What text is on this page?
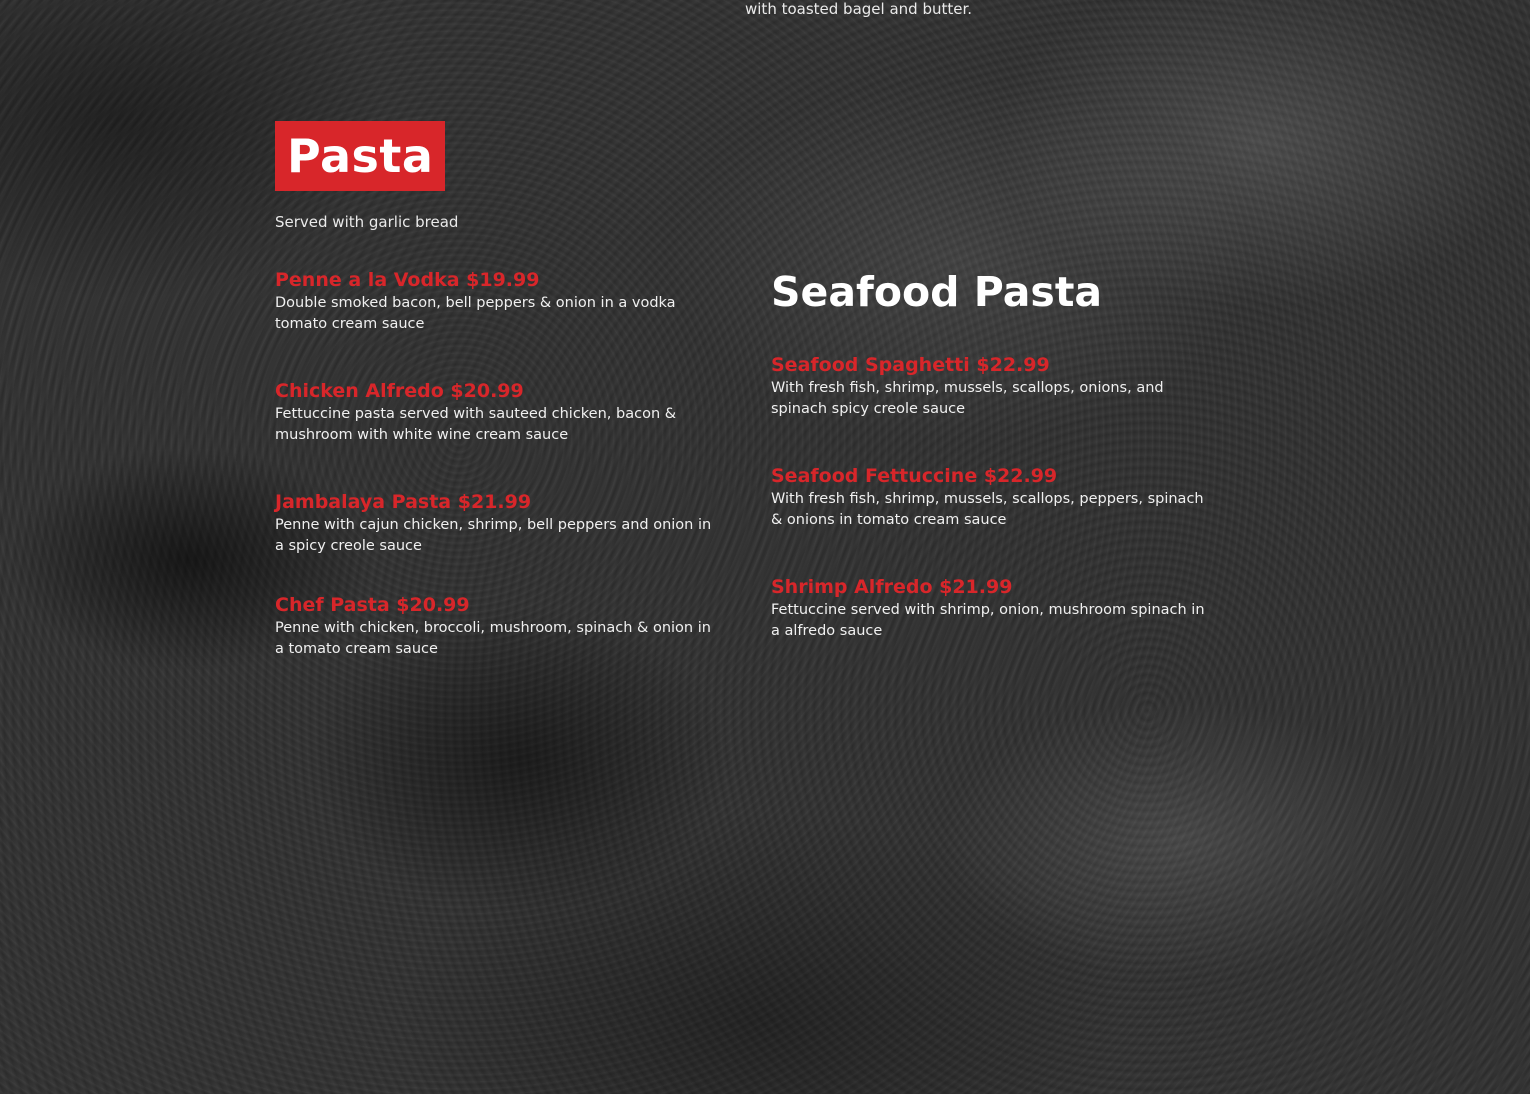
with toasted bagel and butter.

Pasta

Served with garlic bread

Penne a la Vodka $19.99

Double smoked bacon, bell peppers & onion in a vodka tomato cream sauce

Chicken Alfredo $20.99

Fettuccine pasta served with sauteed chicken, bacon & mushroom with white wine cream sauce

Jambalaya Pasta $21.99

Penne with cajun chicken, shrimp, bell peppers and onion in a spicy creole sauce

Chef Pasta $20.99

Penne with chicken, broccoli, mushroom, spinach & onion in a tomato cream sauce

Seafood Pasta
Seafood Spaghetti $22.99

With fresh fish, shrimp, mussels, scallops, onions, and spinach spicy creole sauce

Seafood Fettuccine $22.99

With fresh fish, shrimp, mussels, scallops, peppers, spinach & onions in tomato cream sauce

Shrimp Alfredo $21.99

Fettuccine served with shrimp, onion, mushroom spinach in a alfredo sauce
